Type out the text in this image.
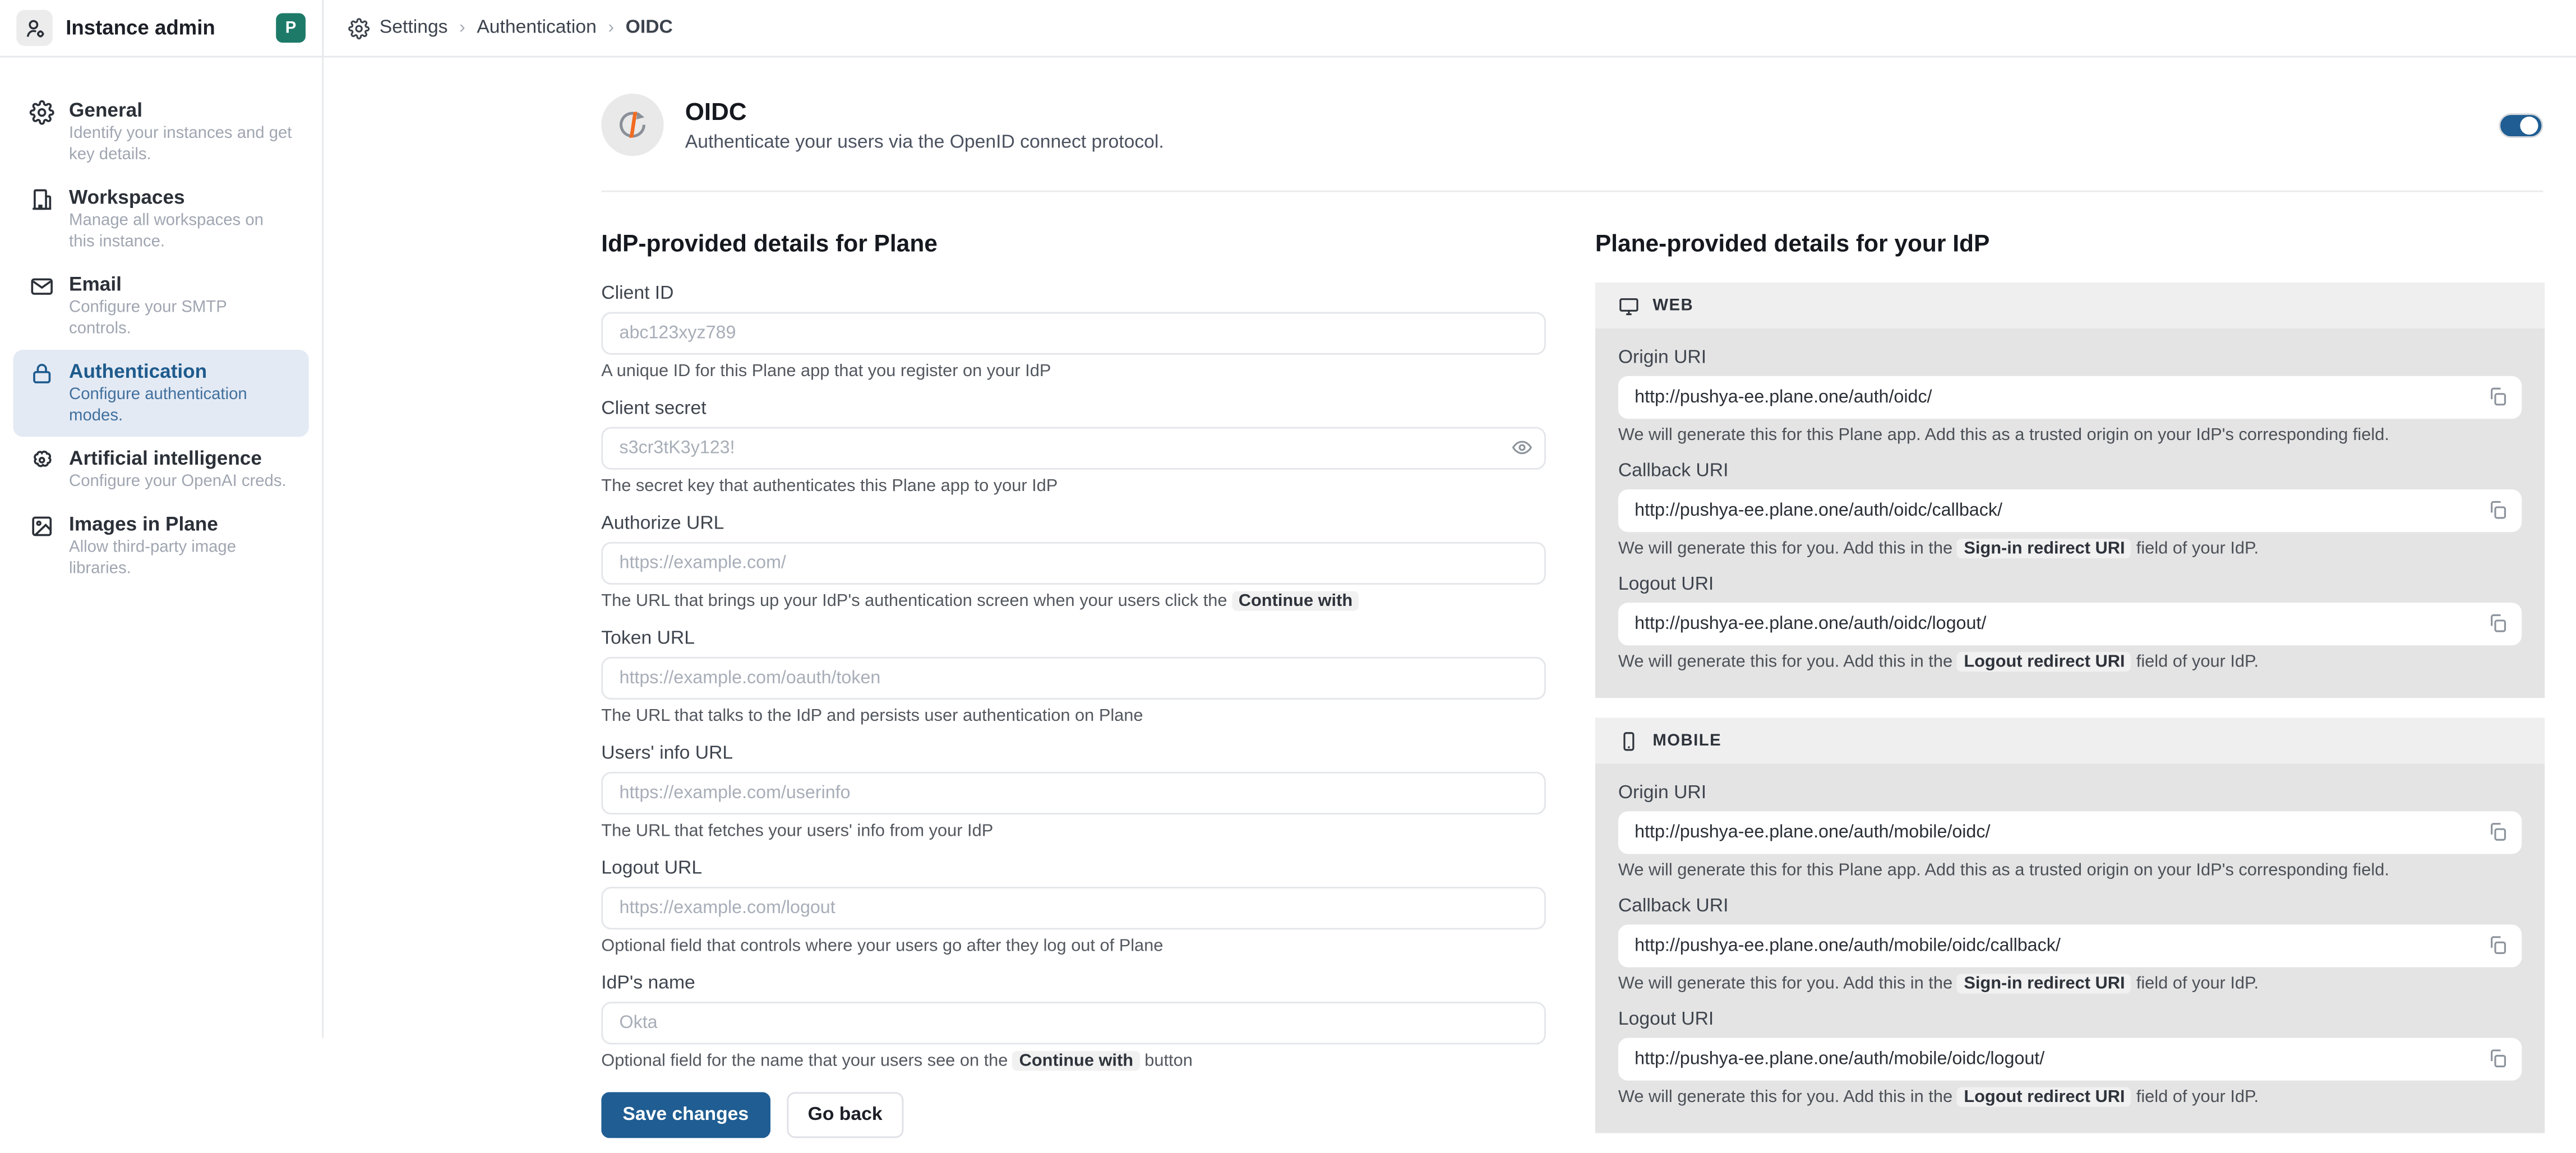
Instance admin	P	Settings › Authentication › OIDC
General
Identify your instances and get key details.
Workspaces
Manage all workspaces on this instance.
Email
Configure your SMTP controls.
Authentication
Configure authentication modes.
Artificial intelligence
Configure your OpenAI creds.
Images in Plane
Allow third-party image libraries.
OIDC
Authenticate your users via the OpenID connect protocol.
IdP-provided details for Plane
Client ID
abc123xyz789
A unique ID for this Plane app that you register on your IdP
Client secret
s3cr3tK3y123!
The secret key that authenticates this Plane app to your IdP
Authorize URL
https://example.com/
The URL that brings up your IdP's authentication screen when your users click the Continue with
Token URL
https://example.com/oauth/token
The URL that talks to the IdP and persists user authentication on Plane
Users' info URL
https://example.com/userinfo
The URL that fetches your users' info from your IdP
Logout URL
https://example.com/logout
Optional field that controls where your users go after they log out of Plane
IdP's name
Okta
Optional field for the name that your users see on the Continue with button
Save changes	Go back
Plane-provided details for your IdP
WEB
Origin URI
http://pushya-ee.plane.one/auth/oidc/
We will generate this for this Plane app. Add this as a trusted origin on your IdP's corresponding field.
Callback URI
http://pushya-ee.plane.one/auth/oidc/callback/
We will generate this for you. Add this in the Sign-in redirect URI field of your IdP.
Logout URI
http://pushya-ee.plane.one/auth/oidc/logout/
We will generate this for you. Add this in the Logout redirect URI field of your IdP.
MOBILE
Origin URI
http://pushya-ee.plane.one/auth/mobile/oidc/
We will generate this for this Plane app. Add this as a trusted origin on your IdP's corresponding field.
Callback URI
http://pushya-ee.plane.one/auth/mobile/oidc/callback/
We will generate this for you. Add this in the Sign-in redirect URI field of your IdP.
Logout URI
http://pushya-ee.plane.one/auth/mobile/oidc/logout/
We will generate this for you. Add this in the Logout redirect URI field of your IdP.
